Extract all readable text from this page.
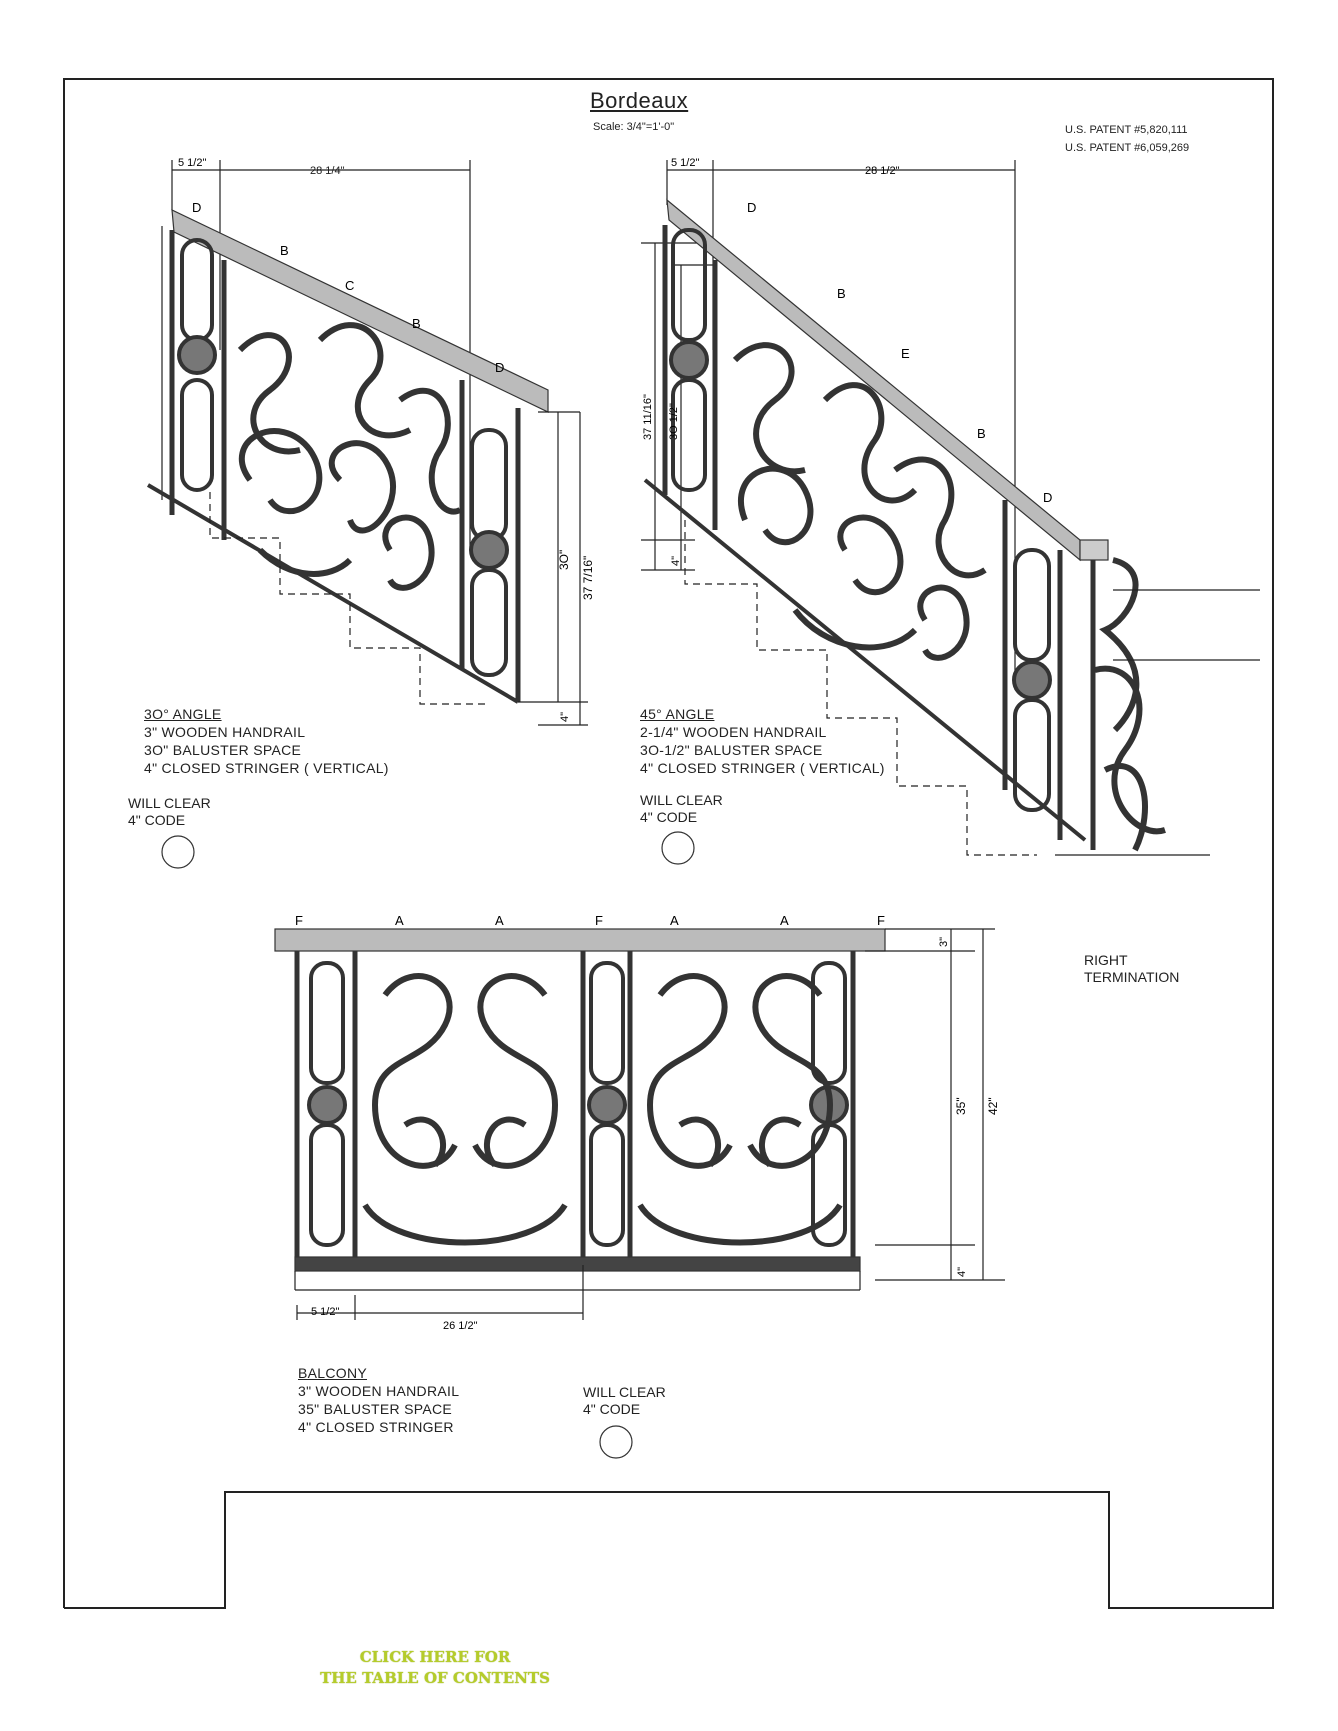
Bordeaux
Scale: 3/4"=1'-0"	U.S. PATENT #5,820,111
U.S. PATENT #6,059,269
5 1/2"
28 1/4"
D
B
C
B
D
3O" 37 7/16"
4"
3O° ANGLE
3" WOODEN HANDRAIL
3O" BALUSTER SPACE
4" CLOSED STRINGER ( VERTICAL)
WILL CLEAR
4" CODE
5 1/2"
28 1/2"
37 11/16" 3O 1/2"
4"
D
B
E
B
D
45° ANGLE
2-1/4" WOODEN HANDRAIL
3O-1/2" BALUSTER SPACE
4" CLOSED STRINGER ( VERTICAL)
WILL CLEAR
4" CODE
RIGHT
TERMINATION
F	A	A	F	A	A	F
3"
35" 42"
4"
5 1/2"
26 1/2"
BALCONY
3" WOODEN HANDRAIL
35" BALUSTER SPACE
4" CLOSED STRINGER
WILL CLEAR
4" CODE
CLICK HERE FOR
THE TABLE OF CONTENTS
